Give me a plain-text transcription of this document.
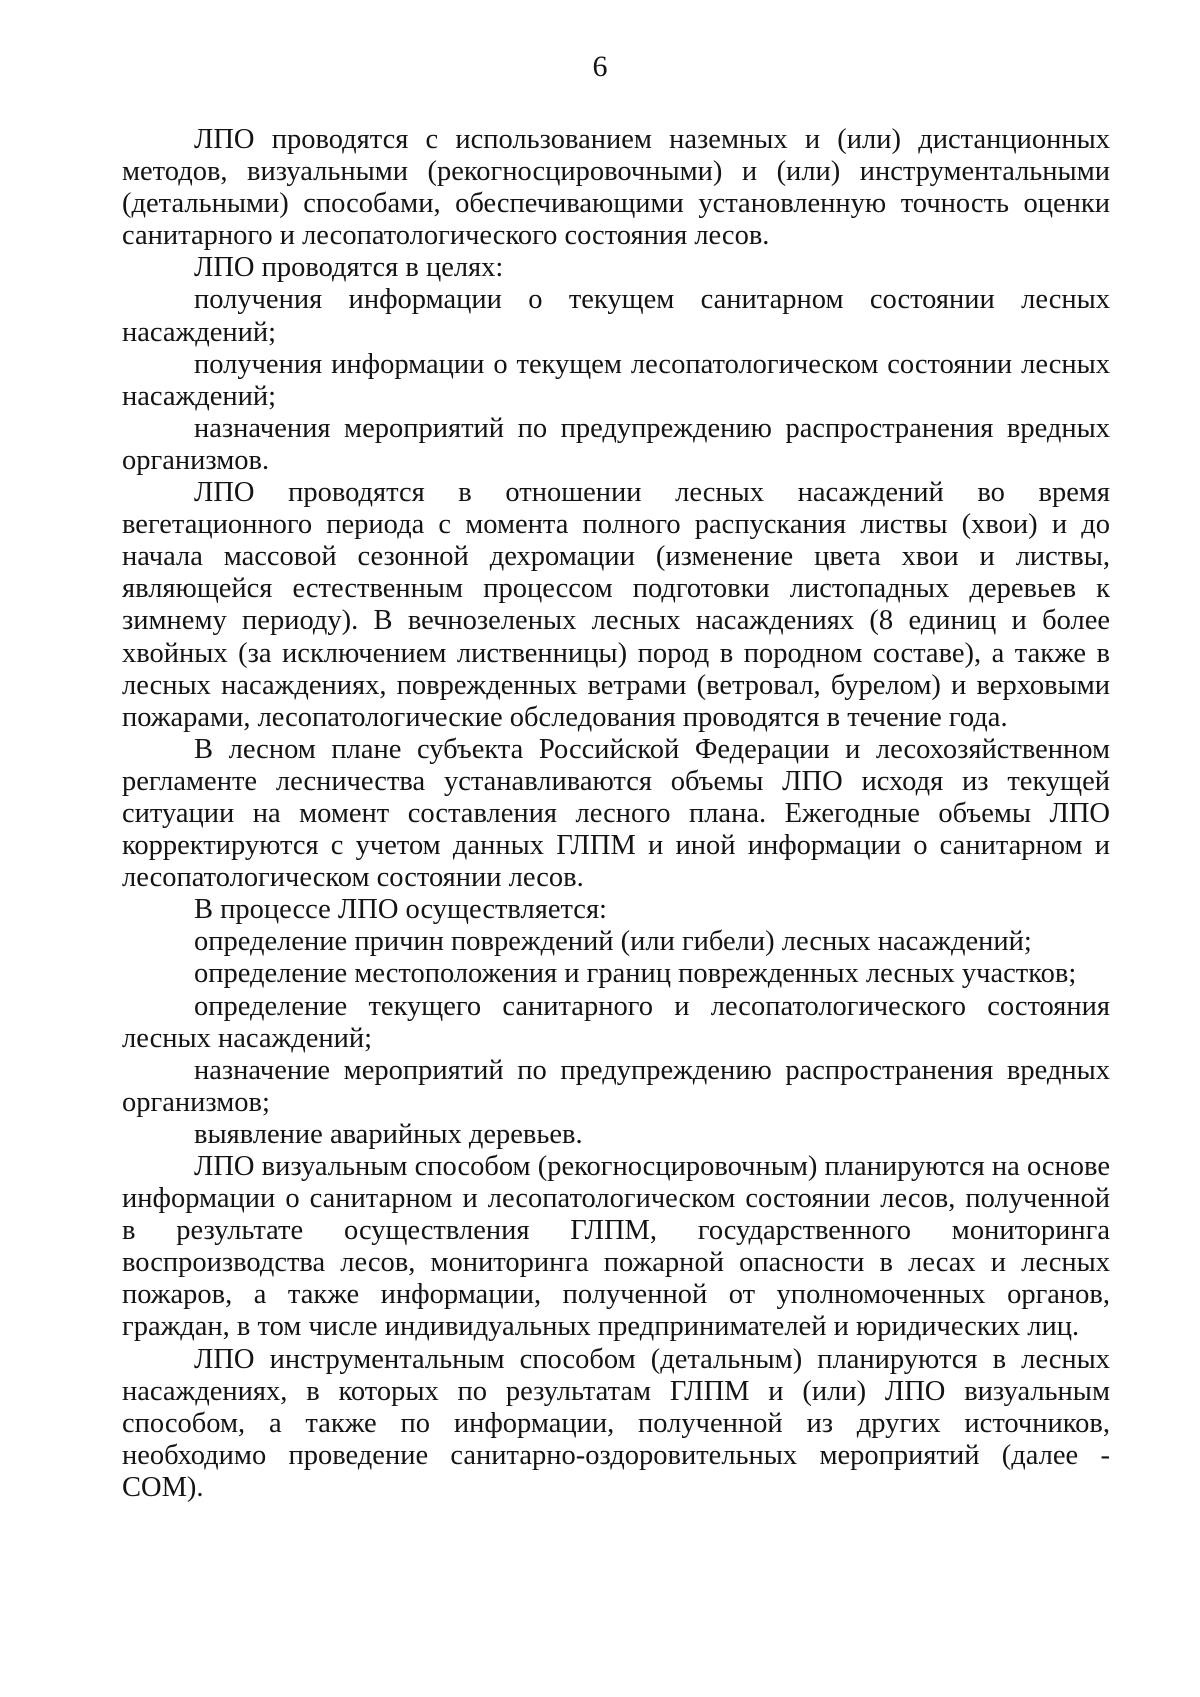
6

ЛПО проводятся с использованием наземных и (или) дистанционных методов, визуальными (рекогносцировочными) и (или) инструментальными (детальными) способами, обеспечивающими установленную точность оценки санитарного и лесопатологического состояния лесов.

ЛПО проводятся в целях:

получения информации о текущем санитарном состоянии лесных насаждений;

получения информации о текущем лесопатологическом состоянии лесных насаждений;

назначения мероприятий по предупреждению распространения вредных организмов.

ЛПО проводятся в отношении лесных насаждений во время вегетационного периода с момента полного распускания листвы (хвои) и до начала массовой сезонной дехромации (изменение цвета хвои и листвы, являющейся естественным процессом подготовки листопадных деревьев к зимнему периоду). В вечнозеленых лесных насаждениях (8 единиц и более хвойных (за исключением лиственницы) пород в породном составе), а также в лесных насаждениях, поврежденных ветрами (ветровал, бурелом) и верховыми пожарами, лесопатологические обследования проводятся в течение года.

В лесном плане субъекта Российской Федерации и лесохозяйственном регламенте лесничества устанавливаются объемы ЛПО исходя из текущей ситуации на момент составления лесного плана. Ежегодные объемы ЛПО корректируются с учетом данных ГЛПМ и иной информации о санитарном и лесопатологическом состоянии лесов.

В процессе ЛПО осуществляется:

определение причин повреждений (или гибели) лесных насаждений;

определение местоположения и границ поврежденных лесных участков;

определение текущего санитарного и лесопатологического состояния лесных насаждений;

назначение мероприятий по предупреждению распространения вредных организмов;

выявление аварийных деревьев.

ЛПО визуальным способом (рекогносцировочным) планируются на основе информации о санитарном и лесопатологическом состоянии лесов, полученной в результате осуществления ГЛПМ, государственного мониторинга воспроизводства лесов, мониторинга пожарной опасности в лесах и лесных пожаров, а также информации, полученной от уполномоченных органов, граждан, в том числе индивидуальных предпринимателей и юридических лиц.

ЛПО инструментальным способом (детальным) планируются в лесных насаждениях, в которых по результатам ГЛПМ и (или) ЛПО визуальным способом, а также по информации, полученной из других источников, необходимо проведение санитарно-оздоровительных мероприятий (далее - СОМ).
